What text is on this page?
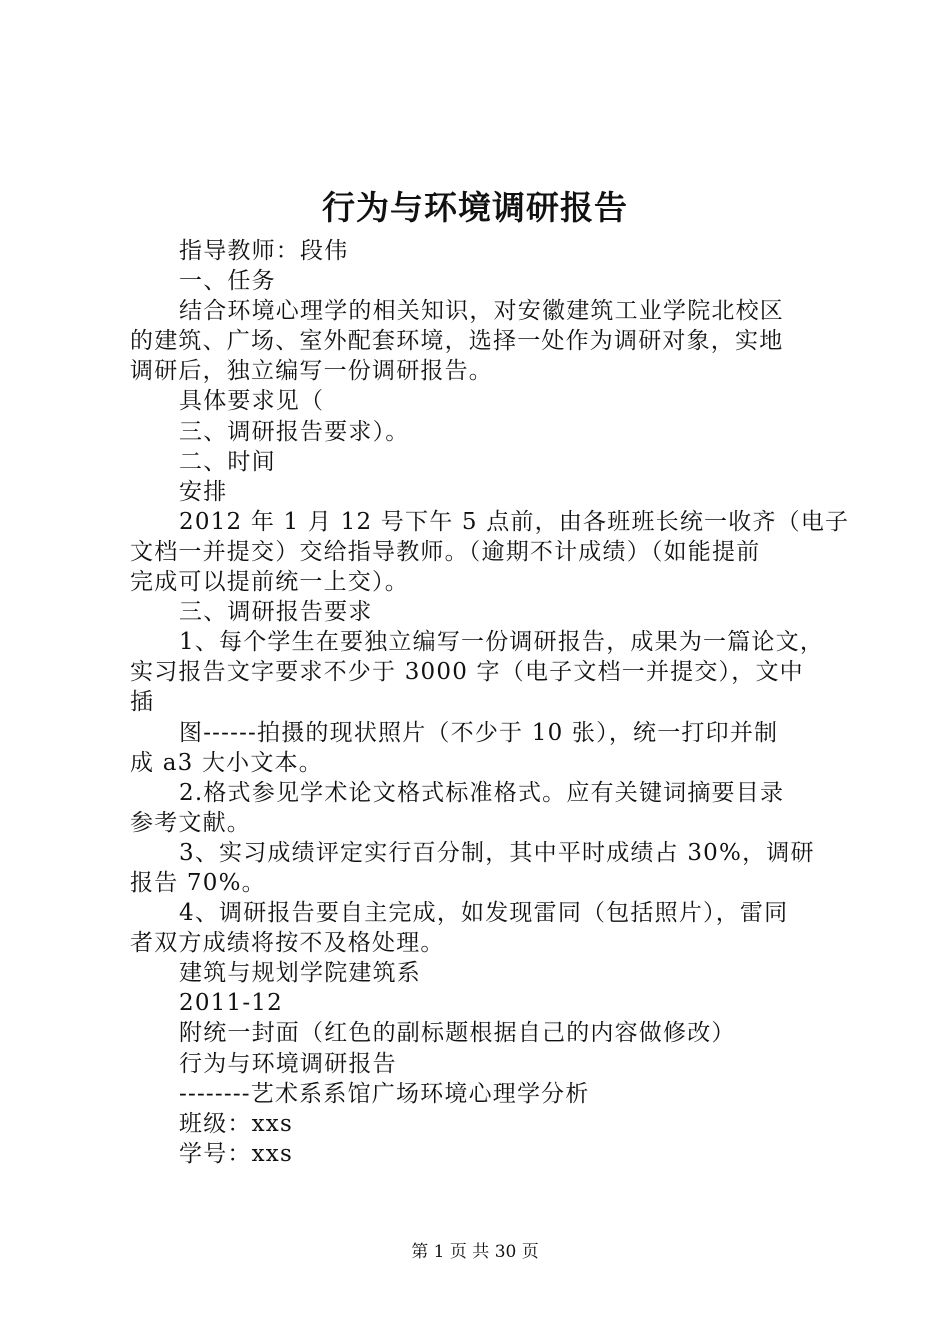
行为与环境调研报告

指导教师：段伟

一、任务

结合环境心理学的相关知识，对安徽建筑工业学院北校区

的建筑、广场、室外配套环境，选择一处作为调研对象，实地

调研后，独立编写一份调研报告。

具体要求见（

三、调研报告要求）。

二、时间

安排

2012 年 1 月 12 号下午 5 点前，由各班班长统一收齐（电子

文档一并提交）交给指导教师。（逾期不计成绩）（如能提前

完成可以提前统一上交）。

三、调研报告要求

1、每个学生在要独立编写一份调研报告，成果为一篇论文，

实习报告文字要求不少于 3000 字（电子文档一并提交），文中

插

图------拍摄的现状照片（不少于 10 张），统一打印并制

成 a3 大小文本。

2.格式参见学术论文格式标准格式。应有关键词摘要目录

参考文献。

3、实习成绩评定实行百分制，其中平时成绩占 30%，调研

报告 70%。

4、调研报告要自主完成，如发现雷同（包括照片），雷同

者双方成绩将按不及格处理。

建筑与规划学院建筑系

2011-12

附统一封面（红色的副标题根据自己的内容做修改）

行为与环境调研报告

--------艺术系系馆广场环境心理学分析

班级：xxs

学号：xxs

第 1 页 共 30 页
